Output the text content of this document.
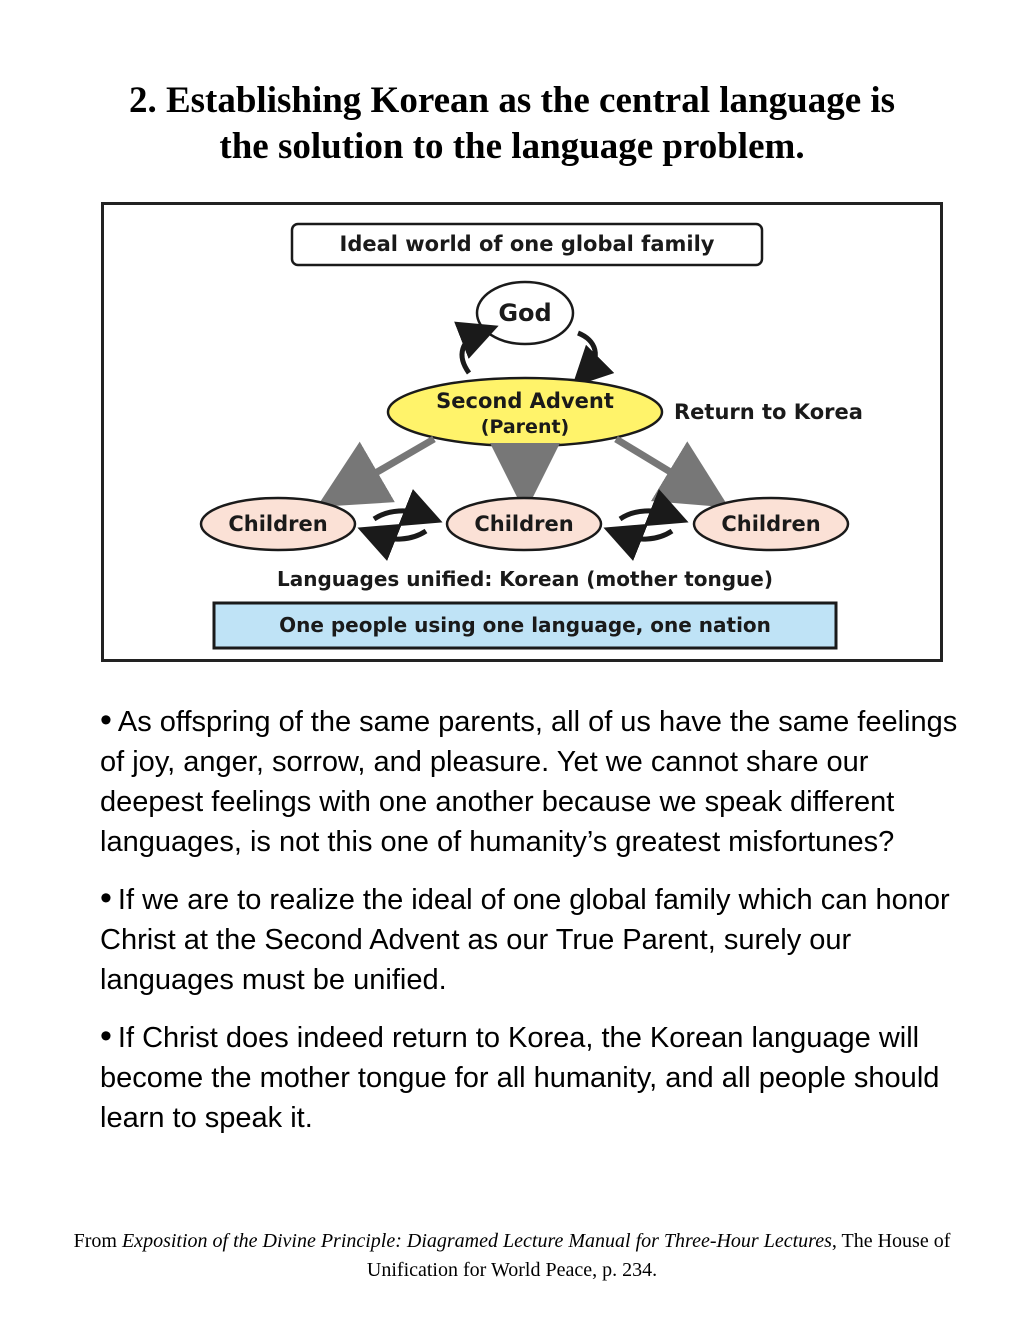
2. Establishing Korean as the central language is
the solution to the language problem.
Ideal world of one global family
God
Second Advent
(Parent)
Return to Korea
Children	Children	Children
Languages unified: Korean (mother tongue)
One people using one language, one nation
• As offspring of the same parents, all of us have the same feelings of joy, anger, sorrow, and pleasure. Yet we cannot share our deepest feelings with one another because we speak different languages, is not this one of humanity’s greatest misfortunes?
• If we are to realize the ideal of one global family which can honor Christ at the Second Advent as our True Parent, surely our languages must be unified.
• If Christ does indeed return to Korea, the Korean language will become the mother tongue for all humanity, and all people should learn to speak it.
From Exposition of the Divine Principle: Diagramed Lecture Manual for Three-Hour Lectures, The House of Unification for World Peace, p. 234.
